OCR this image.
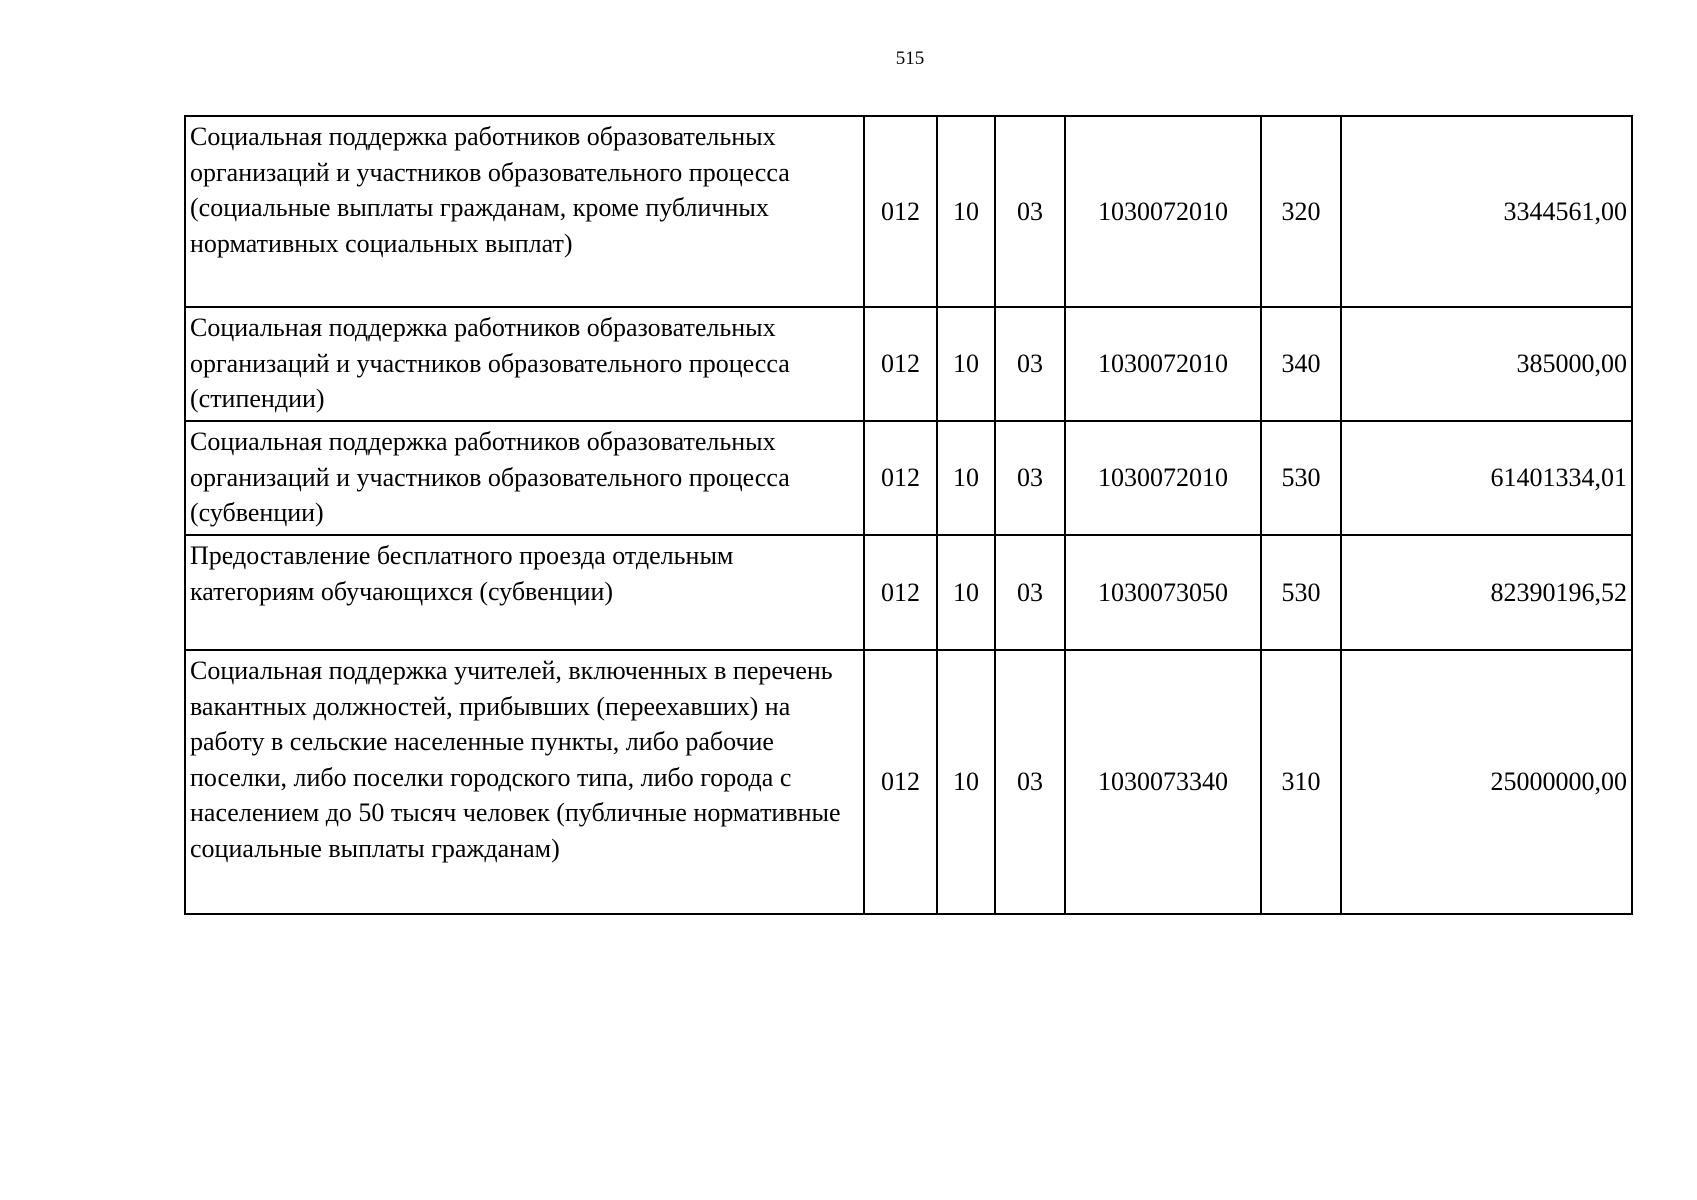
515
Социальная поддержка работников образовательных организаций и участников образовательного процесса (социальные выплаты гражданам, кроме публичных нормативных социальных выплат)	012	10	03	1030072010	320	3344561,00
Социальная поддержка работников образовательных организаций и участников образовательного процесса (стипендии)	012	10	03	1030072010	340	385000,00
Социальная поддержка работников образовательных организаций и участников образовательного процесса (субвенции)	012	10	03	1030072010	530	61401334,01
Предоставление бесплатного проезда отдельным категориям обучающихся (субвенции)	012	10	03	1030073050	530	82390196,52
Социальная поддержка учителей, включенных в перечень вакантных должностей, прибывших (переехавших) на работу в сельские населенные пункты, либо рабочие поселки, либо поселки городского типа, либо города с населением до 50 тысяч человек (публичные нормативные социальные выплаты гражданам)	012	10	03	1030073340	310	25000000,00
